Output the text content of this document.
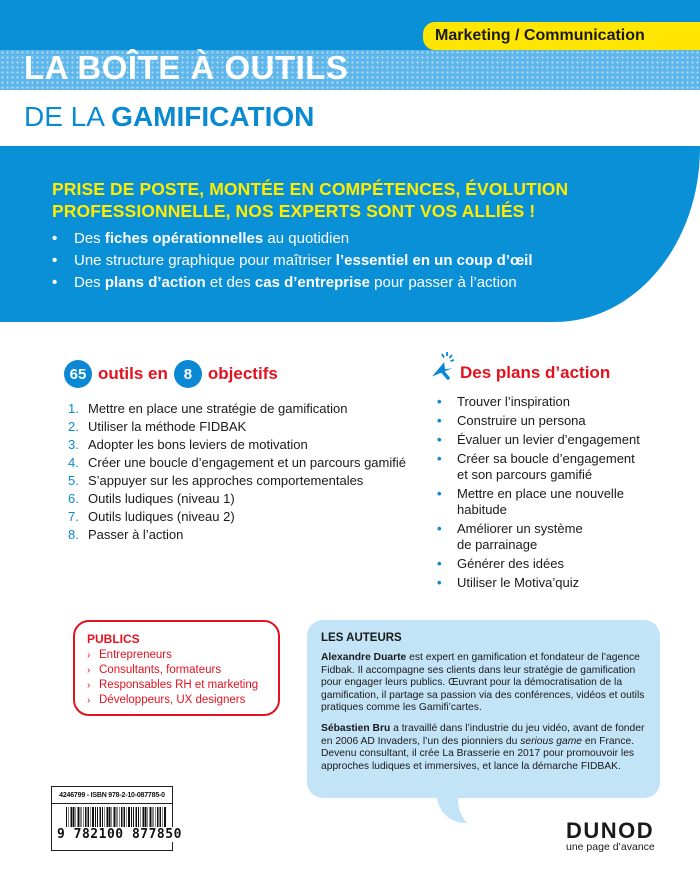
LA BOÎTE À OUTILS
Marketing / Communication
DE LA GAMIFICATION
PRISE DE POSTE, MONTÉE EN COMPÉTENCES, ÉVOLUTION PROFESSIONNELLE, NOS EXPERTS SONT VOS ALLIÉS !
• Des fiches opérationnelles au quotidien
• Une structure graphique pour maîtriser l’essentiel en un coup d’œil
• Des plans d’action et des cas d’entreprise pour passer à l’action
65 outils en	8 objectifs
1. Mettre en place une stratégie de gamification
2. Utiliser la méthode FIDBAK
3. Adopter les bons leviers de motivation
4. Créer une boucle d’engagement et un parcours gamifié
5. S’appuyer sur les approches comportementales
6. Outils ludiques (niveau 1)
7. Outils ludiques (niveau 2)
8. Passer à l’action
Des plans d’action
•	Trouver l’inspiration
•	Construire un persona
•	Évaluer un levier d’engagement
•	Créer sa boucle d’engagement et son parcours gamifié
•	Mettre en place une nouvelle habitude
•	Améliorer un système de parrainage
•	Générer des idées
•	Utiliser le Motiva’quiz
PUBLICS
› Entrepreneurs
› Consultants, formateurs
› Responsables RH et marketing
› Développeurs, UX designers
LES AUTEURS

Alexandre Duarte est expert en gamification et fondateur de l’agence Fidbak. Il accompagne ses clients dans leur stratégie de gamification pour engager leurs publics. Œuvrant pour la démocratisation de la gamification, il partage sa passion via des conférences, vidéos et outils pratiques comme les Gamifi’cartes.

Sébastien Bru a travaillé dans l’industrie du jeu vidéo, avant de fonder en 2006 AD Invaders, l’un des pionniers du serious game en France. Devenu consultant, il crée La Brasserie en 2017 pour promouvoir les approches ludiques et immersives, et lance la démarche FIDBAK.

4246799 - ISBN 978-2-10-087785-0
9 782100 877850	DUNOD
une page d’avance
